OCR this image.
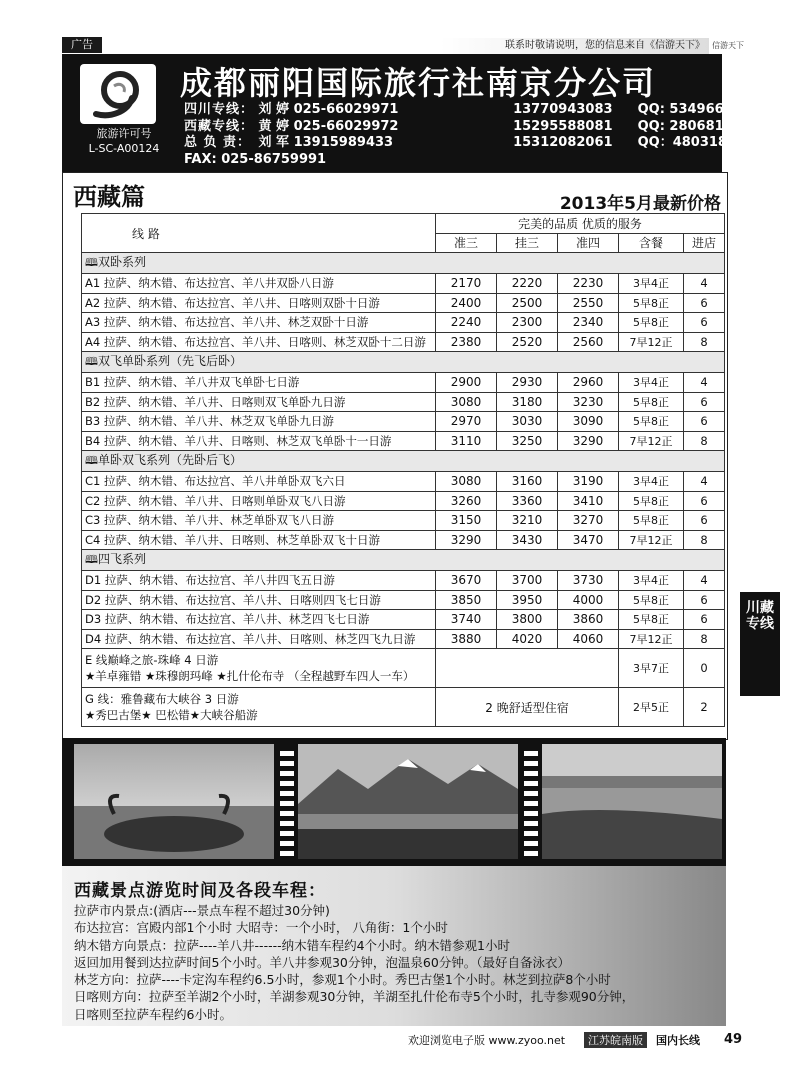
广告	联系时敬请说明，您的信息来自《信游天下》 信游天下
旅游许可号
L-SC-A00124
成都丽阳国际旅行社南京分公司
四川专线： 刘 婷 025-66029971	13770943083 QQ: 534966473
西藏专线： 黄 婷 025-66029972	15295588081 QQ: 2806817485
总 负 责： 刘 军 13915989433	15312082061 QQ：48031805
FAX: 025-86759991
西藏篇	2013年5月最新价格
线 路	完美的品质 优质的服务				
	准三	挂三	准四	含餐	进店
🕮双卧系列					
A1 拉萨、纳木错、布达拉宫、羊八井双卧八日游	2170	2220	2230	3早4正	4
A2 拉萨、纳木错、布达拉宫、羊八井、日喀则双卧十日游	2400	2500	2550	5早8正	6
A3 拉萨、纳木错、布达拉宫、羊八井、林芝双卧十日游	2240	2300	2340	5早8正	6
A4 拉萨、纳木错、布达拉宫、羊八井、日喀则、林芝双卧十二日游	2380	2520	2560	7早12正	8
🕮双飞单卧系列（先飞后卧）					
B1 拉萨、纳木错、羊八井双飞单卧七日游	2900	2930	2960	3早4正	4
B2 拉萨、纳木错、羊八井、日喀则双飞单卧九日游	3080	3180	3230	5早8正	6
B3 拉萨、纳木错、羊八井、林芝双飞单卧九日游	2970	3030	3090	5早8正	6
B4 拉萨、纳木错、羊八井、日喀则、林芝双飞单卧十一日游	3110	3250	3290	7早12正	8
🕮单卧双飞系列（先卧后飞）					
C1 拉萨、纳木错、布达拉宫、羊八井单卧双飞六日	3080	3160	3190	3早4正	4
C2 拉萨、纳木错、羊八井、日喀则单卧双飞八日游	3260	3360	3410	5早8正	6
C3 拉萨、纳木错、羊八井、林芝单卧双飞八日游	3150	3210	3270	5早8正	6
C4 拉萨、纳木错、羊八井、日喀则、林芝单卧双飞十日游	3290	3430	3470	7早12正	8
🕮四飞系列					
D1 拉萨、纳木错、布达拉宫、羊八井四飞五日游	3670	3700	3730	3早4正	4
D2 拉萨、纳木错、布达拉宫、羊八井、日喀则四飞七日游	3850	3950	4000	5早8正	6
D3 拉萨、纳木错、布达拉宫、羊八井、林芝四飞七日游	3740	3800	3860	5早8正	6
D4 拉萨、纳木错、布达拉宫、羊八井、日喀则、林芝四飞九日游	3880	4020	4060	7早12正	8

E 线巅峰之旅-珠峰 4 日游
★羊卓雍错 ★珠穆朗玛峰 ★扎什伦布寺 （全程越野车四人一车）				3早7正	0

G 线：雅鲁藏布大峡谷 3 日游
★秀巴古堡★ 巴松错★大峡谷船游	2 晚舒适型住宿			2早5正	2
川藏专线
西藏景点游览时间及各段车程：
拉萨市内景点:(酒店---景点车程不超过30分钟)
布达拉宫：宫殿内部1个小时 大昭寺：一个小时， 八角街：1个小时
纳木错方向景点：拉萨----羊八井------纳木错车程约4个小时。纳木错参观1小时
返回加用餐到达拉萨时间5个小时。羊八井参观30分钟，泡温泉60分钟。（最好自备泳衣）
林芝方向：拉萨----卡定沟车程约6.5小时，参观1个小时。秀巴古堡1个小时。林芝到拉萨8个小时
日喀则方向：拉萨至羊湖2个小时，羊湖参观30分钟，羊湖至扎什伦布寺5个小时，扎寺参观90分钟，
日喀则至拉萨车程约6小时。
欢迎浏览电子版 www.zyoo.net	江苏皖南版	国内长线 49
